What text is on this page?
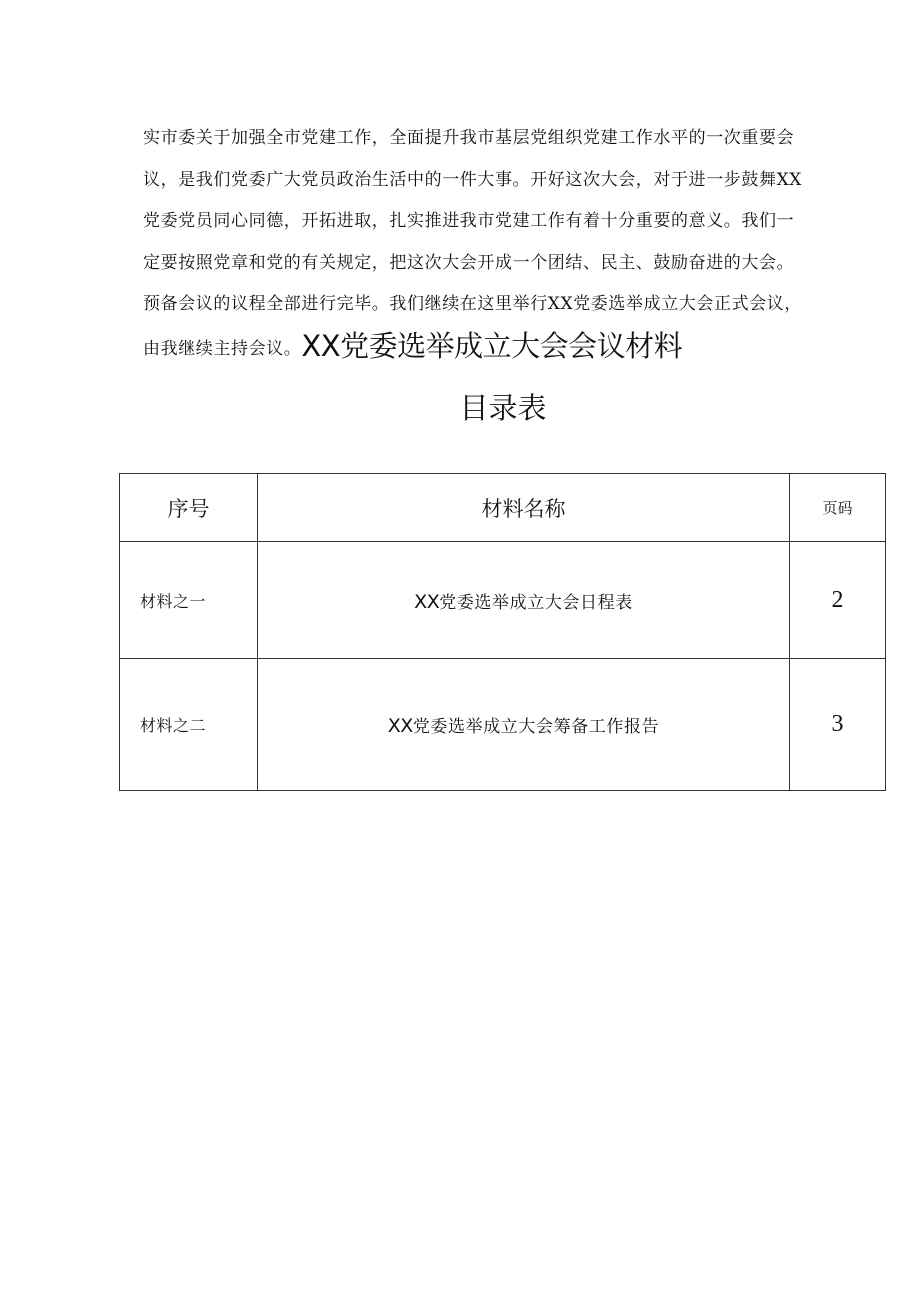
实市委关于加强全市党建工作，全面提升我市基层党组织党建工作水平的一次重要会
议，是我们党委广大党员政治生活中的一件大事。开好这次大会，对于进一步鼓舞XX
党委党员同心同德，开拓进取，扎实推进我市党建工作有着十分重要的意义。我们一
定要按照党章和党的有关规定，把这次大会开成一个团结、民主、鼓励奋进的大会。
预备会议的议程全部进行完毕。我们继续在这里举行XX党委选举成立大会正式会议，
由我继续主持会议。XX党委选举成立大会会议材料

目录表
序号	材料名称	页码
材料之一	XX党委选举成立大会日程表	2
材料之二	XX党委选举成立大会筹备工作报告	3
